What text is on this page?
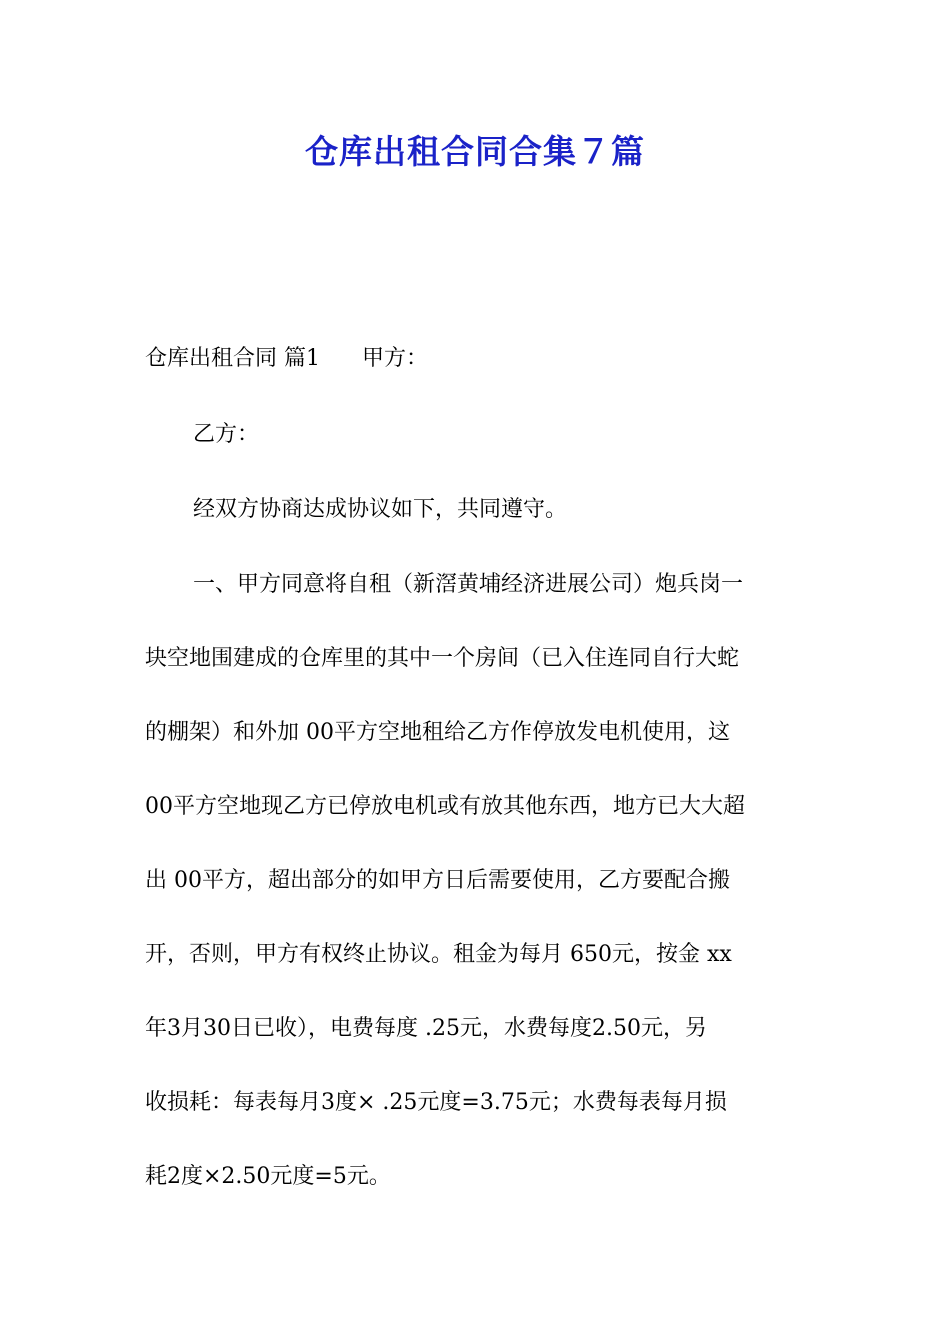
仓库出租合同合集７篇
仓库出租合同 篇1 甲方：
乙方：
经双方协商达成协议如下，共同遵守。
一、甲方同意将自租（新滘黄埔经济进展公司）炮兵岗一
块空地围建成的仓库里的其中一个房间（已入住连同自行大蛇
的棚架）和外加 00平方空地租给乙方作停放发电机使用，这
00平方空地现乙方已停放电机或有放其他东西，地方已大大超
出 00平方，超出部分的如甲方日后需要使用，乙方要配合搬
开，否则，甲方有权终止协议。租金为每月 650元，按金 xx
年3月30日已收），电费每度 .25元，水费每度2.50元，另
收损耗：每表每月3度× .25元度=3.75元；水费每表每月损
耗2度×2.50元度=5元。
